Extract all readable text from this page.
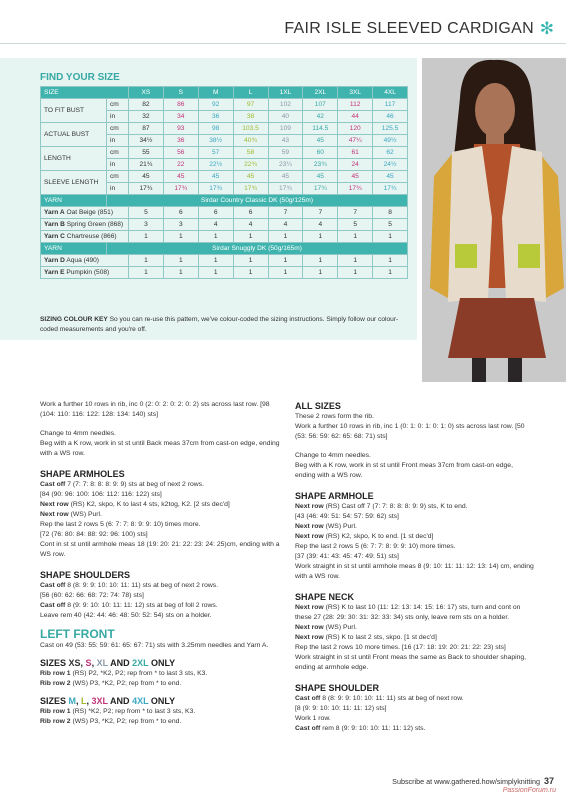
FAIR ISLE SLEEVED CARDIGAN ✻
FIND YOUR SIZE
SIZE		XS	S	M	L	1XL	2XL	3XL	4XL
TO FIT BUST	cm	82	86	92	97	102	107	112	117
	in	32	34	36	38	40	42	44	46
ACTUAL BUST	cm	87	93	98	103.5	109	114.5	120	125.5
	in	34½	36	38½	40¾	43	45	47¼	49½
LENGTH	cm	55	56	57	58	59	60	61	62
	in	21¾	22	22½	22¾	23¼	23¾	24	24½
SLEEVE LENGTH	cm	45	45	45	45	45	45	45	45
	in	17¾	17¾	17¾	17¾	17¾	17¾	17¾	17¾
YARN	Sirdar Country Classic DK (50g/125m)								
Yarn A Oat Beige (851)		5	6	6	6	7	7	7	8
Yarn B Spring Green (868)		3	3	4	4	4	4	5	5
Yarn C Chartreuse (866)		1	1	1	1	1	1	1	1
YARN	Sirdar Snuggly DK (50g/165m)								
Yarn D Aqua (490)		1	1	1	1	1	1	1	1
Yarn E Pumpkin (508)		1	1	1	1	1	1	1	1
SIZING COLOUR KEY So you can re-use this pattern, we've colour-coded the sizing instructions. Simply follow our colour-coded measurements and you're off.

Work a further 10 rows in rib, inc 0 (2: 0: 2: 0: 2: 0: 2) sts across last row. [98 (104: 110: 116: 122: 128: 134: 140) sts]

Change to 4mm needles.

Beg with a K row, work in st st until Back meas 37cm from cast-on edge, ending with a WS row.

SHAPE ARMHOLES

Cast off 7 (7: 7: 8: 8: 8: 9: 9) sts at beg of next 2 rows.

[84 (90: 96: 100: 106: 112: 116: 122) sts]

Next row (RS) K2, skpo, K to last 4 sts, k2tog, K2. [2 sts dec'd]

Next row (WS) Purl.

Rep the last 2 rows 5 (6: 7: 7: 8: 9: 9: 10) times more.

[72 (76: 80: 84: 88: 92: 96: 100) sts]

Cont in st st until armhole meas 18 (19: 20: 21: 22: 23: 24: 25)cm, ending with a WS row.

SHAPE SHOULDERS

Cast off 8 (8: 9: 9: 10: 10: 11: 11) sts at beg of next 2 rows.

[56 (60: 62: 66: 68: 72: 74: 78) sts]

Cast off 8 (9: 9: 10: 10: 11: 11: 12) sts at beg of foll 2 rows.

Leave rem 40 (42: 44: 46: 48: 50: 52: 54) sts on a holder.

LEFT FRONT

Cast on 49 (53: 55: 59: 61: 65: 67: 71) sts with 3.25mm needles and Yarn A.

SIZES XS, S, XL AND 2XL ONLY

Rib row 1 (RS) P2, *K2, P2; rep from * to last 3 sts, K3.

Rib row 2 (WS) P3, *K2, P2; rep from * to end.

SIZES M, L, 3XL AND 4XL ONLY

Rib row 1 (RS) *K2, P2; rep from * to last 3 sts, K3.

Rib row 2 (WS) P3, *K2, P2; rep from * to end.

ALL SIZES

These 2 rows form the rib.

Work a further 10 rows in rib, inc 1 (0: 1: 0: 1: 0: 1: 0) sts across last row. [50 (53: 56: 59: 62: 65: 68: 71) sts]

Change to 4mm needles.

Beg with a K row, work in st st until Front meas 37cm from cast-on edge, ending with a WS row.

SHAPE ARMHOLE

Next row (RS) Cast off 7 (7: 7: 8: 8: 8: 9: 9) sts, K to end.

[43 (46: 49: 51: 54: 57: 59: 62) sts]

Next row (WS) Purl.

Next row (RS) K2, skpo, K to end. [1 st dec'd]

Rep the last 2 rows 5 (6: 7: 7: 8: 9: 9: 10) more times.

[37 (39: 41: 43: 45: 47: 49: 51) sts]

Work straight in st st until armhole meas 8 (9: 10: 11: 11: 12: 13: 14) cm, ending with a WS row.

SHAPE NECK

Next row (RS) K to last 10 (11: 12: 13: 14: 15: 16: 17) sts, turn and cont on these 27 (28: 29: 30: 31: 32: 33: 34) sts only, leave rem sts on a holder.

Next row (WS) Purl.

Next row (RS) K to last 2 sts, skpo. [1 st dec'd]

Rep the last 2 rows 10 more times. [16 (17: 18: 19: 20: 21: 22: 23) sts]

Work straight in st st until Front meas the same as Back to shoulder shaping, ending at armhole edge.

SHAPE SHOULDER

Cast off 8 (8: 9: 9: 10: 10: 11: 11) sts at beg of next row.

[8 (9: 9: 10: 10: 11: 11: 12) sts]

Work 1 row.

Cast off rem 8 (9: 9: 10: 10: 11: 11: 12) sts.

Subscribe at www.gathered.how/simplyknitting 37
PassionForum.ru
